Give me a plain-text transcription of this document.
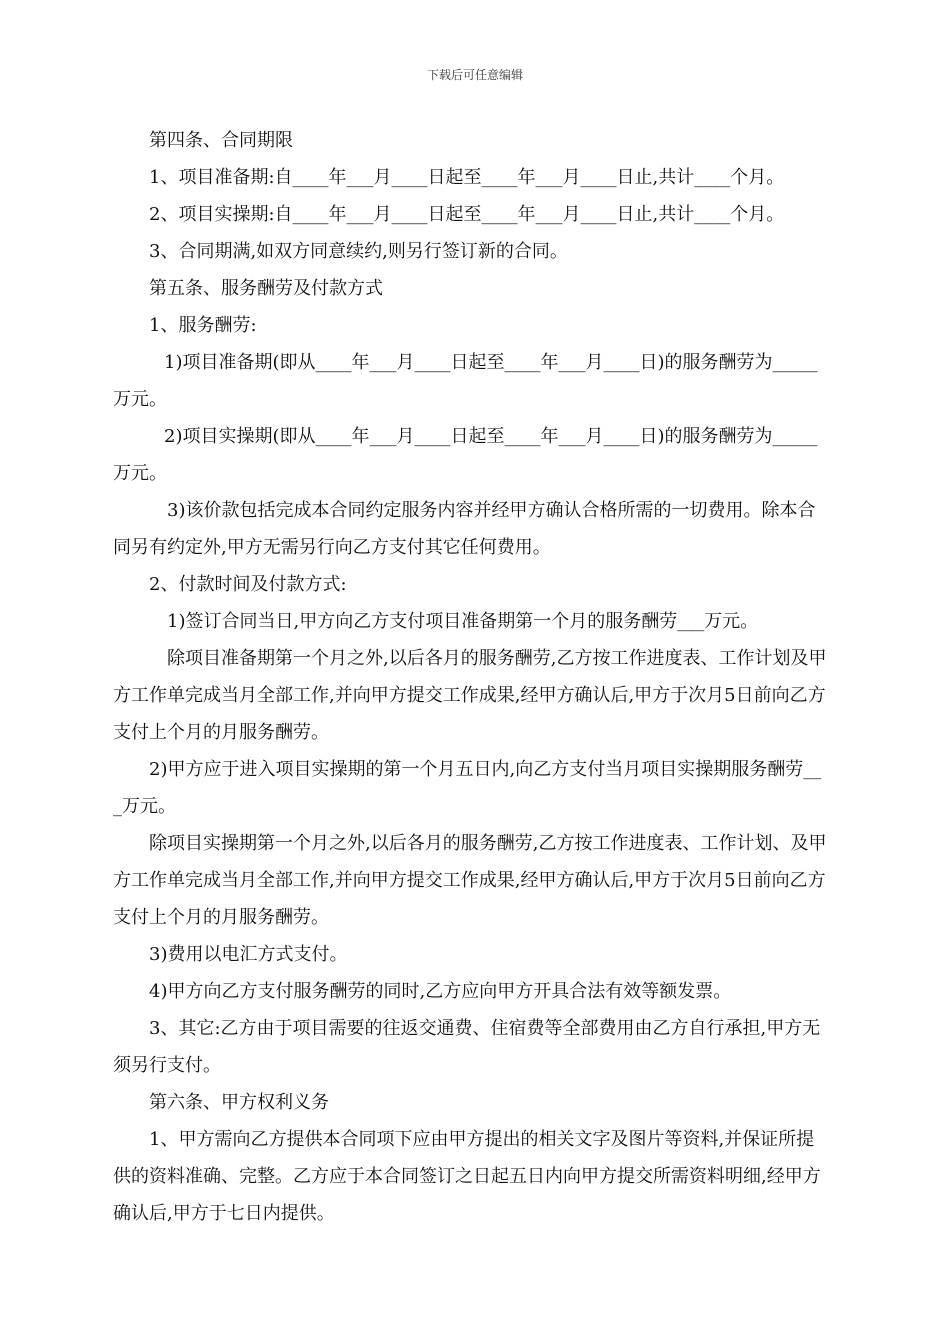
下载后可任意编辑

第四条、合同期限

1、项目准备期:自____年___月____日起至____年___月____日止,共计____个月。

2、项目实操期:自____年___月____日起至____年___月____日止,共计____个月。

3、合同期满,如双方同意续约,则另行签订新的合同。

第五条、服务酬劳及付款方式

1、服务酬劳:

1)项目准备期(即从____年___月____日起至____年___月____日)的服务酬劳为_____万元。

2)项目实操期(即从____年___月____日起至____年___月____日)的服务酬劳为_____万元。

3)该价款包括完成本合同约定服务内容并经甲方确认合格所需的一切费用。除本合同另有约定外,甲方无需另行向乙方支付其它任何费用。

2、付款时间及付款方式:

1)签订合同当日,甲方向乙方支付项目准备期第一个月的服务酬劳___万元。

除项目准备期第一个月之外,以后各月的服务酬劳,乙方按工作进度表、工作计划及甲方工作单完成当月全部工作,并向甲方提交工作成果,经甲方确认后,甲方于次月5日前向乙方支付上个月的月服务酬劳。

2)甲方应于进入项目实操期的第一个月五日内,向乙方支付当月项目实操期服务酬劳___万元。

除项目实操期第一个月之外,以后各月的服务酬劳,乙方按工作进度表、工作计划、及甲方工作单完成当月全部工作,并向甲方提交工作成果,经甲方确认后,甲方于次月5日前向乙方支付上个月的月服务酬劳。

3)费用以电汇方式支付。

4)甲方向乙方支付服务酬劳的同时,乙方应向甲方开具合法有效等额发票。

3、其它:乙方由于项目需要的往返交通费、住宿费等全部费用由乙方自行承担,甲方无须另行支付。

第六条、甲方权利义务

1、甲方需向乙方提供本合同项下应由甲方提出的相关文字及图片等资料,并保证所提供的资料准确、完整。乙方应于本合同签订之日起五日内向甲方提交所需资料明细,经甲方确认后,甲方于七日内提供。
